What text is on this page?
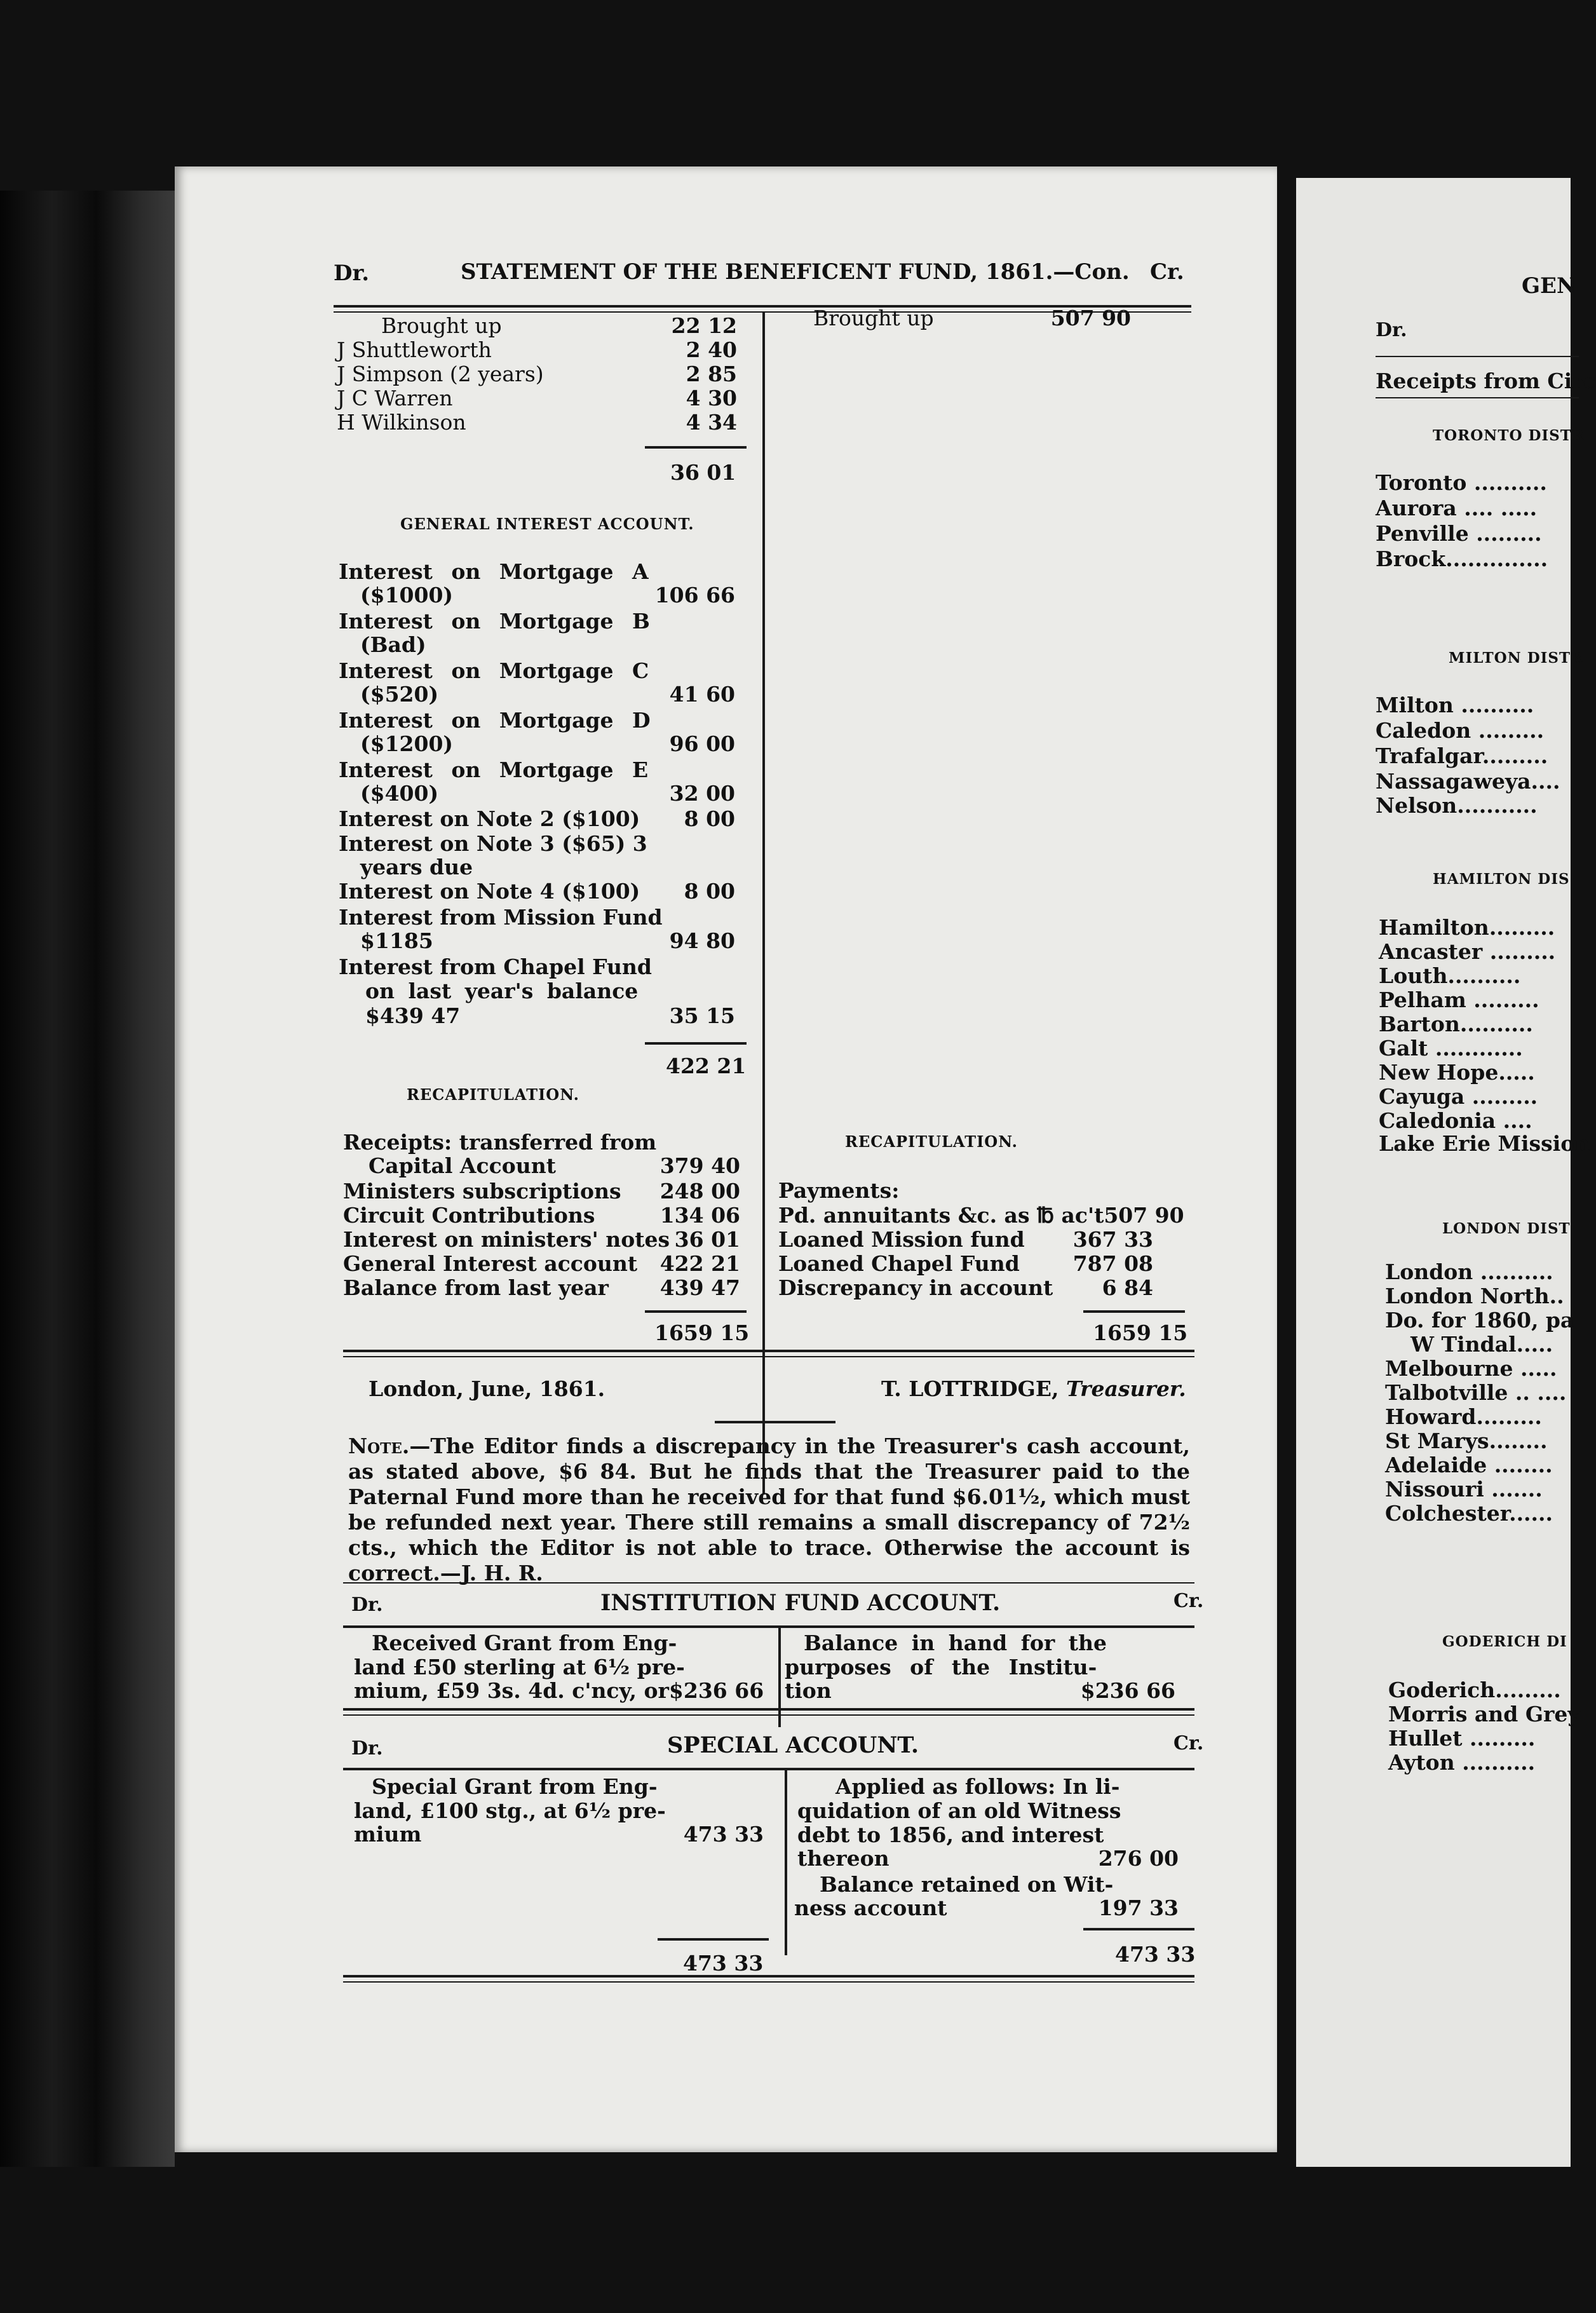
Dr.	STATEMENT OF THE BENEFICENT FUND, 1861.—Con. Cr.
Brought up	22 12
J Shuttleworth	2 40
J Simpson (2 years)	2 85
J C Warren	4 30
H Wilkinson	4 34
36 01
Brought up	507 90
GENERAL INTEREST ACCOUNT.
Interest on Mortgage A
($1000)	106 66
Interest on Mortgage B
(Bad)
Interest on Mortgage C
($520)	41 60
Interest on Mortgage D
($1200)	96 00
Interest on Mortgage E
($400)	32 00
Interest on Note 2 ($100)	8 00
Interest on Note 3 ($65) 3
years due
Interest on Note 4 ($100)	8 00
Interest from Mission Fund
$1185	94 80
Interest from Chapel Fund
on last year's balance
$439 47	35 15
422 21
RECAPITULATION.
Receipts: transferred from
Capital Account	379 40
Ministers subscriptions	248 00
Circuit Contributions	134 06
Interest on ministers' notes 36 01
General Interest account	422 21
Balance from last year	439 47
1659 15
RECAPITULATION.
Payments:
Pd. annuitants &c. as ℔ ac't 507 90
Loaned Mission fund	367 33
Loaned Chapel Fund	787 08
Discrepancy in account	6 84
1659 15
London, June, 1861.	T. LOTTRIDGE, Treasurer.
Note.—The Editor finds a discrepancy in the Treasurer's cash account, as stated above, $6 84. But he finds that the Treasurer paid to the Paternal Fund more than he received for that fund $6.01½, which must be refunded next year. There still remains a small discrepancy of 72½ cts., which the Editor is not able to trace. Otherwise the account is correct.—J. H. R.
Dr.	INSTITUTION FUND ACCOUNT.	Cr.
Received Grant from Eng-
land £50 sterling at 6½ pre-
mium, £59 3s. 4d. c'ncy, or $236 66
Balance in hand for the
purposes of the Institu-
tion	$236 66
Dr.	SPECIAL ACCOUNT.	Cr.
Special Grant from Eng-
land, £100 stg., at 6½ pre-
mium	473 33
473 33
Applied as follows: In li-
quidation of an old Witness
debt to 1856, and interest
thereon	276 00
Balance retained on Wit-
ness account	197 33
473 33
GEN
Dr.
Receipts from Circ
TORONTO DISTR
Toronto ..........
Aurora .... .....
Penville .........
Brock..............
MILTON DISTR
Milton ..........
Caledon .........
Trafalgar.........
Nassagaweya....
Nelson...........
HAMILTON DIS
Hamilton.........
Ancaster .........
Louth..........
Pelham .........
Barton..........
Galt ............
New Hope.....
Cayuga .........
Caledonia ....
Lake Erie Mission
LONDON DIST
London ..........
London North..
Do. for 1860, pa
W Tindal.....
Melbourne .....
Talbotville .. ....
Howard.........
St Marys........
Adelaide ........
Nissouri .......
Colchester......
GODERICH DI
Goderich.........
Morris and Grey
Hullet .........
Ayton ..........
